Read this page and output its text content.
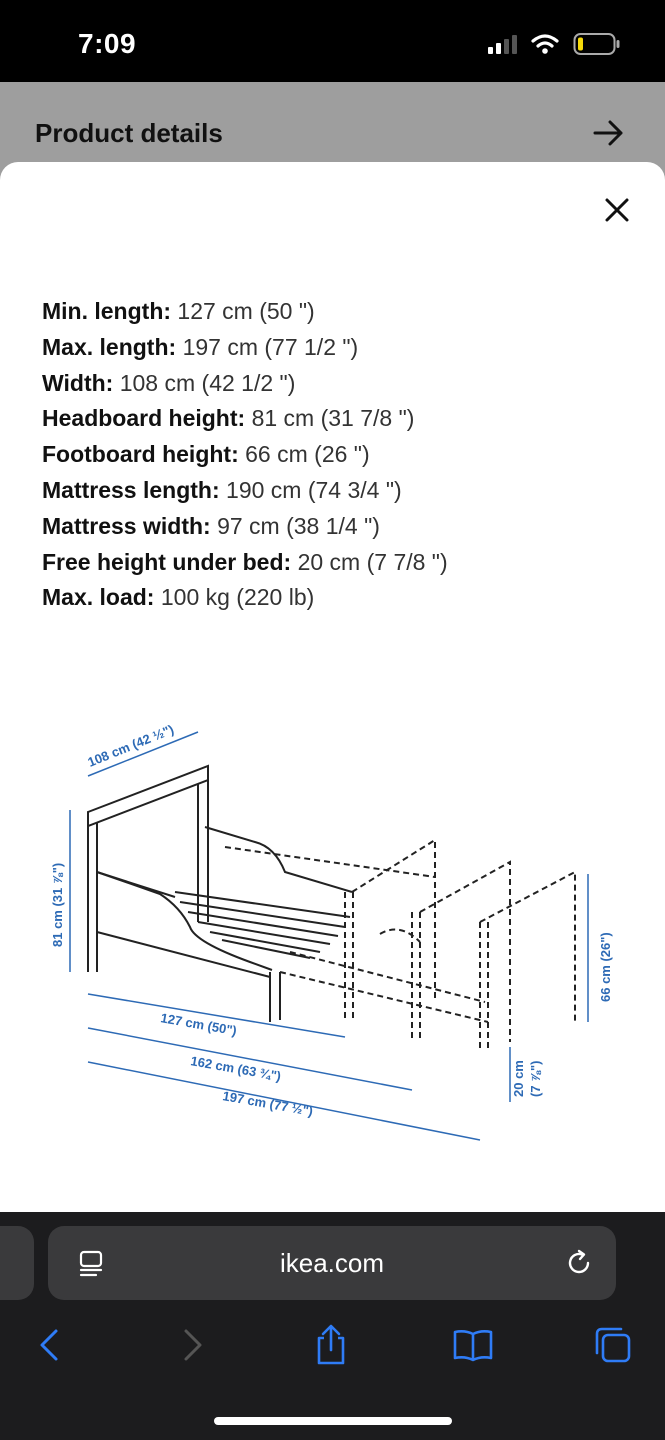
7:09
Product details
Min. length: 127 cm (50 ")
Max. length: 197 cm (77 1/2 ")
Width: 108 cm (42 1/2 ")
Headboard height: 81 cm (31 7/8 ")
Footboard height: 66 cm (26 ")
Mattress length: 190 cm (74 3/4 ")
Mattress width: 97 cm (38 1/4 ")
Free height under bed: 20 cm (7 7/8 ")
Max. load: 100 kg (220 lb)
108 cm (42 ½")
81 cm (31 ⅞")
66 cm (26")
20 cm (7 ⅞")
127 cm (50")
162 cm (63 ¾")
197 cm (77 ½")
ikea.com
